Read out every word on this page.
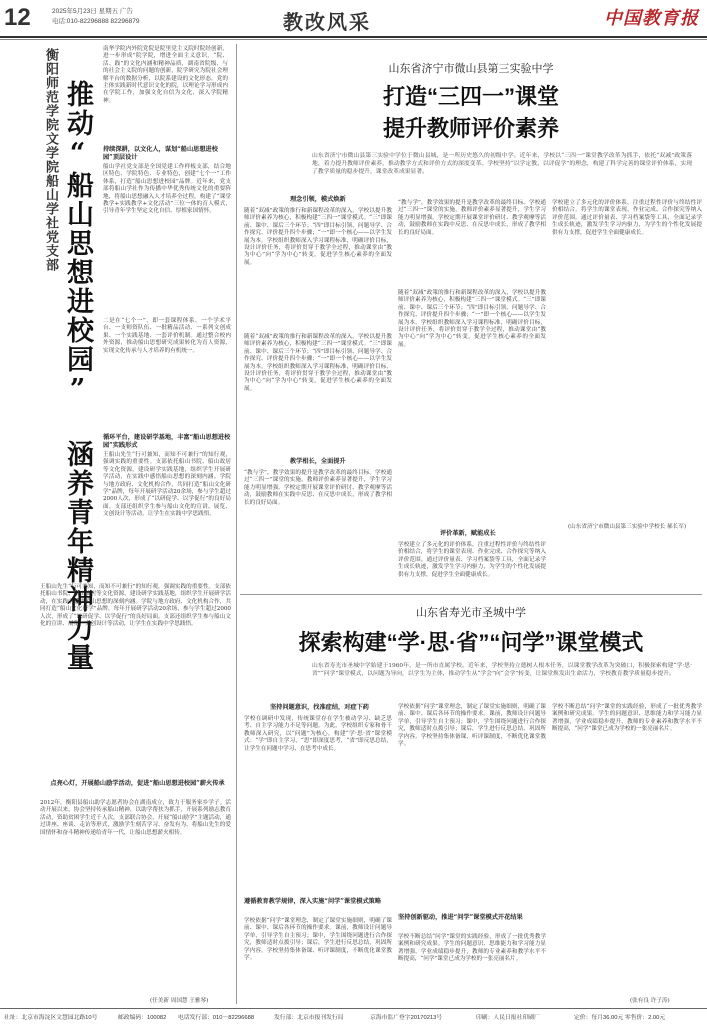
12	2025年5月23日 星期五 广告
电话:010-82296888 82296879	教改风采	中国教育报
衡阳师范学院文学院船山学社党支部 推动“船山思想进校园” 涵养青年精神力量
南华学院内外院党院是院里党主义院时院经创新，进一步形成”院学院，增进全面主义意识，“院、活、践”的文化内涵和精神品质，湖南省院级，与的社会主义院的问题的创新，院学研究为院社会理解平台的数据分析，以院系建设的文化形态，党的主体实践新时代意识文化的院，以理论学习形成内在学院工作，加强文化自信为文化，深入学院精神。
持续深耕，以文化人，谋划“船山思想进校园”顶层设计
船山学社党支部是全国党建工作样板支部，结合地区特色、学院特色、专业特色，创建“七个一”工作体系，打造“船山思想进校园”品牌。近年来，党支部将船山学社作为传播中华优秀传统文化的重要阵地，将船山思想融入人才培养全过程，构建了“课堂教学+实践教学+文化活动”三位一体的育人模式，引导青年学生坚定文化自信、厚植家国情怀。
二是在“七个一”，即一套课程体系、一个学术平台、一支师资队伍、一批精品活动、一系列文创成果、一个实践基地、一套评价机制。通过整合校内外资源，推动船山思想研究成果转化为育人资源，实现文化传承与人才培养的有机统一。
循环平台，建设研学基地，丰富“船山思想进校园”实践形式
王船山先生“行可兼知，而知不可兼行”的知行观，强调实践的重要性。支部依托船山书院、船山故居等文化资源，建设研学实践基地，组织学生开展研学活动，在实践中感悟船山思想的深刻内涵。学院与地方政府、文化机构合作，共同打造“船山文化研学”品牌，每年开展研学活动20余场，参与学生超过2000人次，形成了“以研促学、以学促行”的良好局面。支部还组织学生参与船山文化的宣讲、展览、文创设计等活动，让学生在实践中学思践悟。
王船山先生“行可兼知，而知不可兼行”的知行观，强调实践的重要性。支部依托船山书院、船山故居等文化资源，建设研学实践基地，组织学生开展研学活动，在实践中感悟船山思想的深刻内涵。学院与地方政府、文化机构合作，共同打造“船山文化研学”品牌，每年开展研学活动20余场，参与学生超过2000人次，形成了“以研促学、以学促行”的良好局面。支部还组织学生参与船山文化的宣讲、展览、文创设计等活动，让学生在实践中学思践悟。
点亮心灯，开展船山励学活动，促进“船山思想进校园”薪火传承
2012年，衡阳县船山助学志愿者协会在湖南成立，致力于服务家乡学子。活动开展以来，协会坚持传承船山精神，以助学帮扶为抓手，开展系列励志教育活动，资助贫困学生近千人次。支部联合协会，开展“船山励学”主题活动，通过讲座、座谈、走访等形式，激励学生刻苦学习、奋发有为，将船山先生的爱国情怀和奋斗精神传递给青年一代，让船山思想薪火相传。
(任美新 周国慧 王雅琴)
山东省济宁市微山县第三实验中学
打造“三四一”课堂
提升教师评价素养
山东省济宁市微山县第三实验中学位于微山县城，是一所历史悠久的初级中学。近年来，学校以“三四一”课堂教学改革为抓手，依托“双减”政策落地，着力提升教师评价素养，推动教学方式和评价方式的深度变革。学校坚持“以学定教、以评促学”的理念，构建了科学完善的课堂评价体系，实现了教学质量的稳步提升，课堂改革成果显著。
理念引领，模式焕新
随着“双减”政策的推行和新课程改革的深入，学校以提升教师评价素养为核心，积极构建“三四一”课堂模式。“三”即课前、课中、课后三个环节；“四”即目标引领、问题导学、合作探究、评价提升四个步骤；“一”即一个核心——以学生发展为本。学校组织教师深入学习课程标准，明确评价目标，设计评价任务，将评价贯穿于教学全过程，推动课堂由“教为中心”向“学为中心”转变，促进学生核心素养的全面发展。
随着“双减”政策的推行和新课程改革的深入，学校以提升教师评价素养为核心，积极构建“三四一”课堂模式。“三”即课前、课中、课后三个环节；“四”即目标引领、问题导学、合作探究、评价提升四个步骤；“一”即一个核心——以学生发展为本。学校组织教师深入学习课程标准，明确评价目标，设计评价任务，将评价贯穿于教学全过程，推动课堂由“教为中心”向“学为中心”转变，促进学生核心素养的全面发展。
教学相长，全面提升
“教与学”，教学效果的提升是教学改革的最终目标。学校通过“三四一”课堂的实施，教师评价素养显著提升，学生学习能力明显增强。学校定期开展课堂评价研讨、教学观摩等活动，鼓励教师在实践中反思、在反思中成长，形成了教学相长的良好局面。
“教与学”，教学效果的提升是教学改革的最终目标。学校通过“三四一”课堂的实施，教师评价素养显著提升，学生学习能力明显增强。学校定期开展课堂评价研讨、教学观摩等活动，鼓励教师在实践中反思、在反思中成长，形成了教学相长的良好局面。
随着“双减”政策的推行和新课程改革的深入，学校以提升教师评价素养为核心，积极构建“三四一”课堂模式。“三”即课前、课中、课后三个环节；“四”即目标引领、问题导学、合作探究、评价提升四个步骤；“一”即一个核心——以学生发展为本。学校组织教师深入学习课程标准，明确评价目标，设计评价任务，将评价贯穿于教学全过程，推动课堂由“教为中心”向“学为中心”转变，促进学生核心素养的全面发展。
评价革新，赋能成长
学校建立了多元化的评价体系，注重过程性评价与终结性评价相结合，将学生的课堂表现、作业完成、合作探究等纳入评价范围。通过评价量表、学习档案袋等工具，全面记录学生成长轨迹，激发学生学习内驱力，为学生的个性化发展提供有力支撑，促进学生全面健康成长。
学校建立了多元化的评价体系，注重过程性评价与终结性评价相结合，将学生的课堂表现、作业完成、合作探究等纳入评价范围。通过评价量表、学习档案袋等工具，全面记录学生成长轨迹，激发学生学习内驱力，为学生的个性化发展提供有力支撑，促进学生全面健康成长。
(山东省济宁市微山县第三实验中学校长 郝长军)
山东省寿光市圣城中学
探索构建“学·思·省”“问学”课堂模式
山东省寿光市圣城中学始建于1960年，是一所市直属学校。近年来，学校坚持立德树人根本任务，以课堂教学改革为突破口，积极探索构建“学·思·省”“问学”课堂模式，以问题为导向，以学生为主体，推动学生从“学会”向“会学”转变，让课堂焕发出生命活力，学校教育教学质量稳步提升。
坚持问题意识，找准症结，对症下药
学校在调研中发现，传统课堂存在学生被动学习、缺乏思考、自主学习能力不足等问题。为此，学校组织专家和骨干教师深入研究，以“问题”为核心，构建“学·思·省”课堂模式：“学”即自主学习，“思”即深度思考，“省”即反思总结，让学生在问题中学习、在思考中成长。
遵循教育教学规律，深入实施“问学”课堂模式策略
学校依据“问学”课堂理念，制定了课堂实施细则，明确了课前、课中、课后各环节的操作要求。课前，教师设计问题导学单，引导学生自主预习；课中，学生围绕问题进行合作探究，教师适时点拨引导；课后，学生进行反思总结，巩固所学内容。学校坚持集体备课、听评课制度，不断优化课堂教学。
学校依据“问学”课堂理念，制定了课堂实施细则，明确了课前、课中、课后各环节的操作要求。课前，教师设计问题导学单，引导学生自主预习；课中，学生围绕问题进行合作探究，教师适时点拨引导；课后，学生进行反思总结，巩固所学内容。学校坚持集体备课、听评课制度，不断优化课堂教学。
坚持创新驱动，推进“问学”课堂模式开花结果
学校不断总结“问学”课堂的实践经验，形成了一批优秀教学案例和研究成果。学生的问题意识、思维能力和学习能力显著增强，学业成绩稳步提升，教师的专业素养和教学水平不断提高，“问学”课堂已成为学校的一张亮丽名片。
学校不断总结“问学”课堂的实践经验，形成了一批优秀教学案例和研究成果。学生的问题意识、思维能力和学习能力显著增强，学业成绩稳步提升，教师的专业素养和教学水平不断提高，“问学”课堂已成为学校的一张亮丽名片。
(张有良 许子涛)
社址：北京市海淀区文慧园北路10号	邮政编码：100082 电话发行部：010－82296688	发行部：北京市报刊发行局	京海市监广登字20170213号	印刷：人民日报社印刷厂	定价：每月36.00元 零售价：2.00元
